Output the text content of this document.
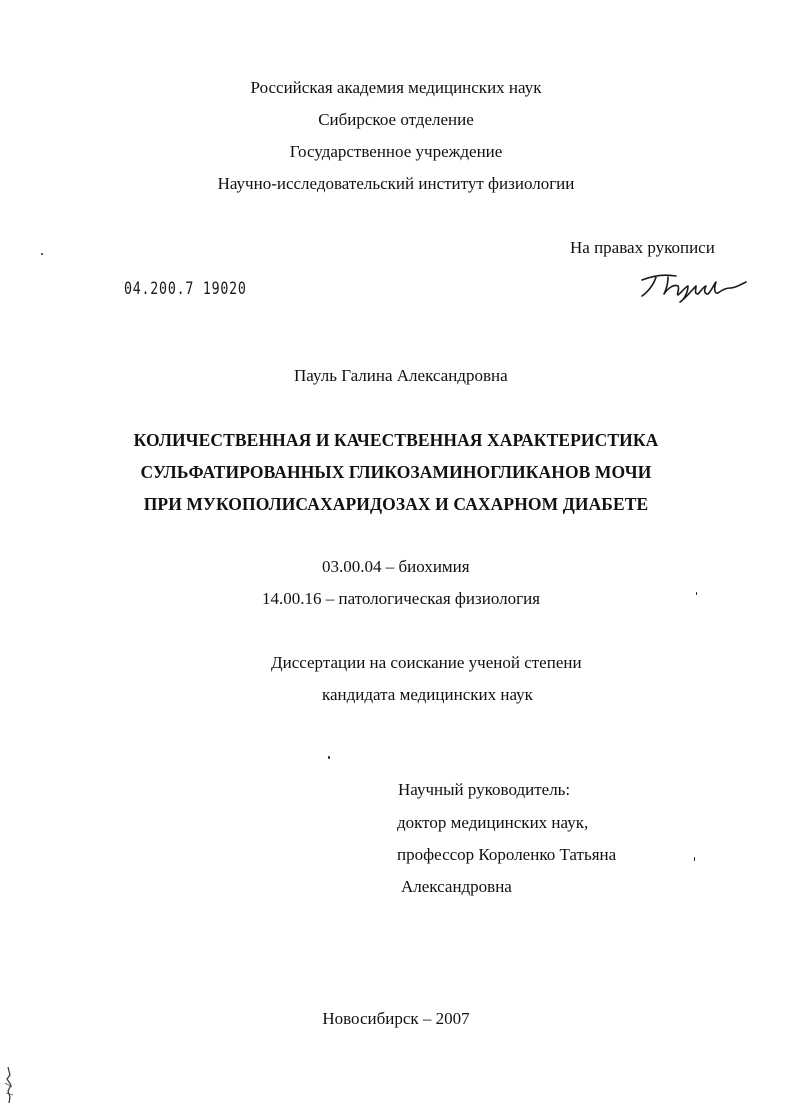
Российская академия медицинских наук
Сибирское отделение
Государственное учреждение
Научно-исследовательский институт физиологии
На правах рукописи
04.200.7 19020
Пауль Галина Александровна
КОЛИЧЕСТВЕННАЯ И КАЧЕСТВЕННАЯ ХАРАКТЕРИСТИКА
СУЛЬФАТИРОВАННЫХ ГЛИКОЗАМИНОГЛИКАНОВ МОЧИ
ПРИ МУКОПОЛИСАХАРИДОЗАХ И САХАРНОМ ДИАБЕТЕ
03.00.04 – биохимия
14.00.16 – патологическая физиология
Диссертации на соискание ученой степени
кандидата медицинских наук
Научный руководитель:
доктор медицинских наук,
профессор Короленко Татьяна
Александровна
Новосибирск – 2007
